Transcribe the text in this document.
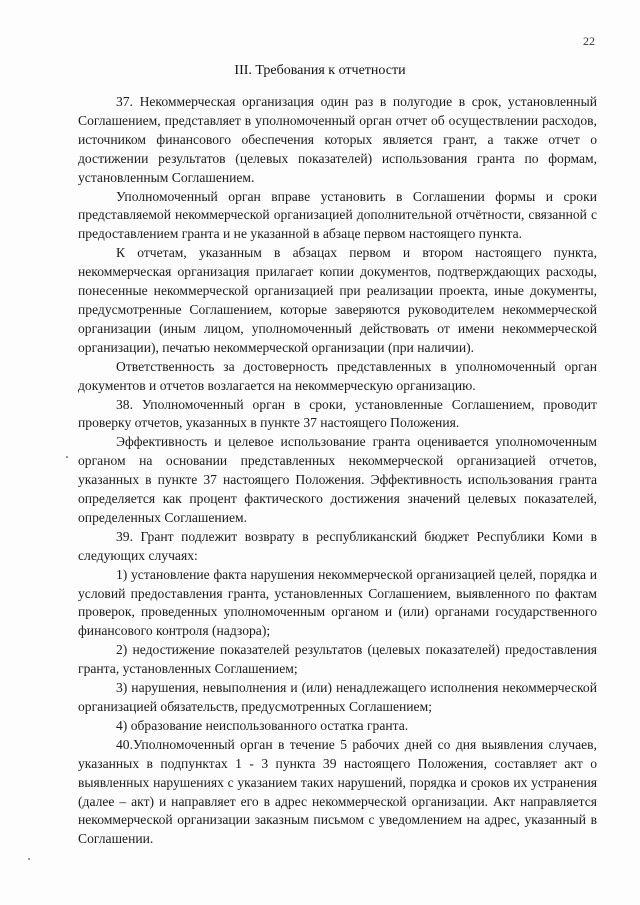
22
III. Требования к отчетности

37. Некоммерческая организация один раз в полугодие в срок, установленный Соглашением, представляет в уполномоченный орган отчет об осуществлении расходов, источником финансового обеспечения которых является грант, а также отчет о достижении результатов (целевых показателей) использования гранта по формам, установленным Соглашением.

Уполномоченный орган вправе установить в Соглашении формы и сроки представляемой некоммерческой организацией дополнительной отчётности, связанной с предоставлением гранта и не указанной в абзаце первом настоящего пункта.

К отчетам, указанным в абзацах первом и втором настоящего пункта, некоммерческая организация прилагает копии документов, подтверждающих расходы, понесенные некоммерческой организацией при реализации проекта, иные документы, предусмотренные Соглашением, которые заверяются руководителем некоммерческой организации (иным лицом, уполномоченный действовать от имени некоммерческой организации), печатью некоммерческой организации (при наличии).

Ответственность за достоверность представленных в уполномоченный орган документов и отчетов возлагается на некоммерческую организацию.

38. Уполномоченный орган в сроки, установленные Соглашением, проводит проверку отчетов, указанных в пункте 37 настоящего Положения.

Эффективность и целевое использование гранта оценивается уполномоченным органом на основании представленных некоммерческой организацией отчетов, указанных в пункте 37 настоящего Положения. Эффективность использования гранта определяется как процент фактического достижения значений целевых показателей, определенных Соглашением.

39. Грант подлежит возврату в республиканский бюджет Республики Коми в следующих случаях:

1) установление факта нарушения некоммерческой организацией целей, порядка и условий предоставления гранта, установленных Соглашением, выявленного по фактам проверок, проведенных уполномоченным органом и (или) органами государственного финансового контроля (надзора);

2) недостижение показателей результатов (целевых показателей) предоставления гранта, установленных Соглашением;

3) нарушения, невыполнения и (или) ненадлежащего исполнения некоммерческой организацией обязательств, предусмотренных Соглашением;

4) образование неиспользованного остатка гранта.

40.Уполномоченный орган в течение 5 рабочих дней со дня выявления случаев, указанных в подпунктах 1 - 3 пункта 39 настоящего Положения, составляет акт о выявленных нарушениях с указанием таких нарушений, порядка и сроков их устранения (далее – акт) и направляет его в адрес некоммерческой организации. Акт направляется некоммерческой организации заказным письмом с уведомлением на адрес, указанный в Соглашении.
